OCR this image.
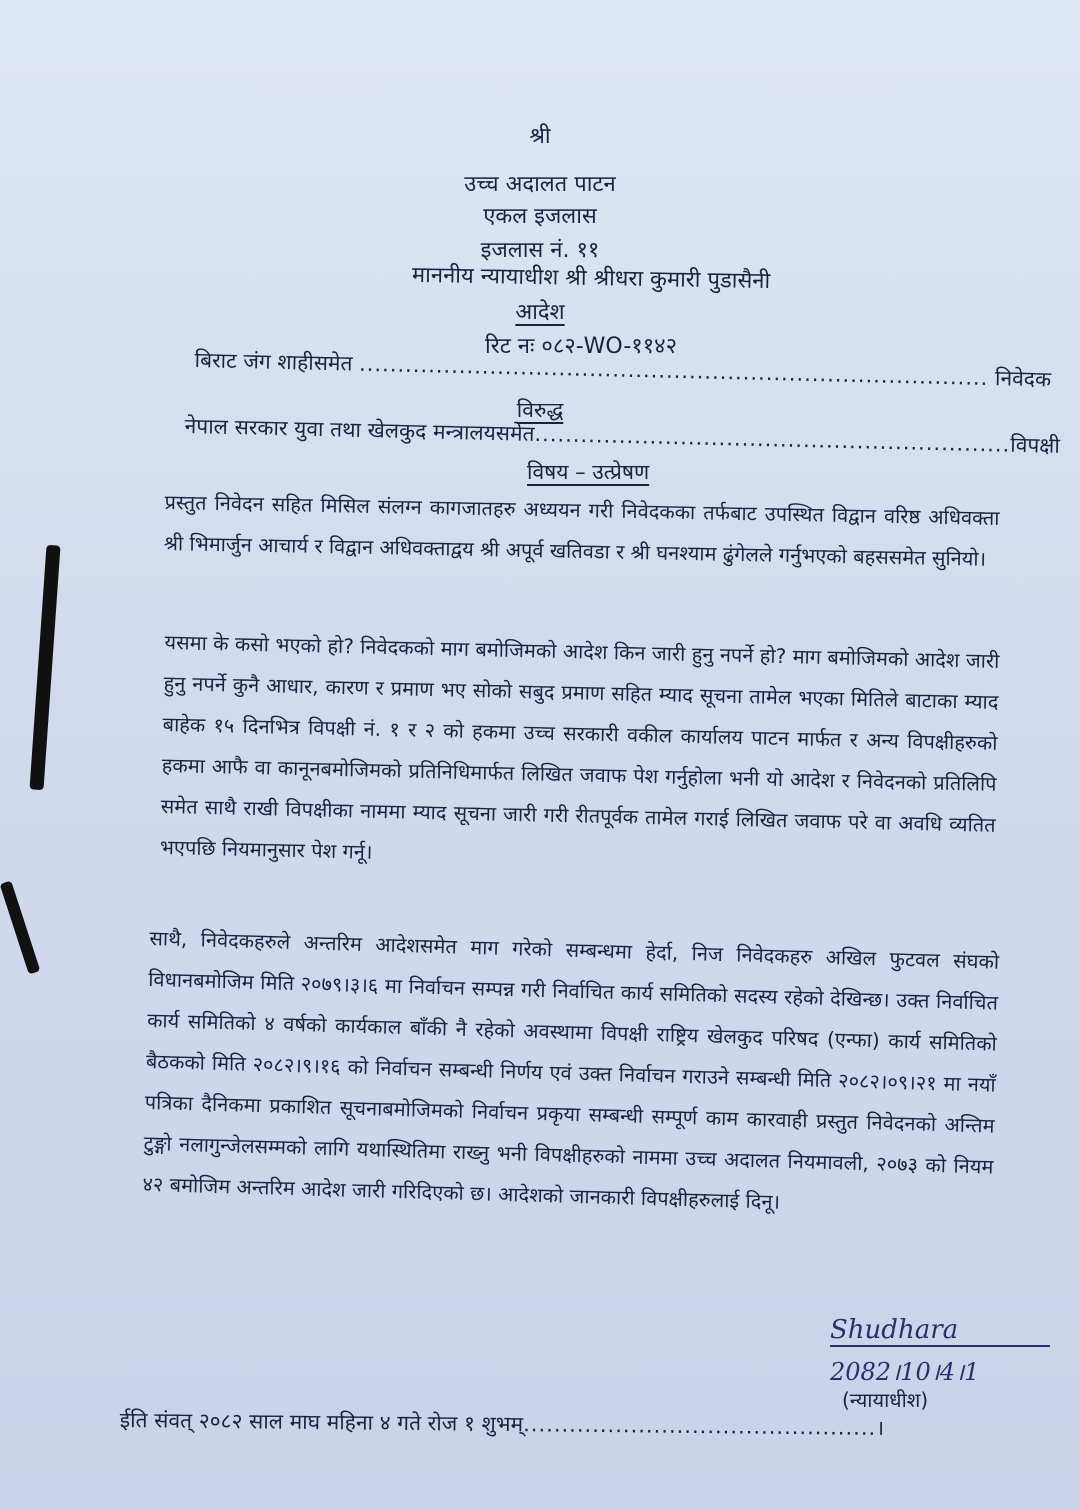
श्री
उच्च अदालत पाटन
एकल इजलास
इजलास नं. ११
माननीय न्यायाधीश श्री श्रीधरा कुमारी पुडासैनी
आदेश
रिट नः ०८२-WO-११४२
बिराट जंग शाहीसमेत .................................................................................. निवेदक
विरुद्ध
नेपाल सरकार युवा तथा खेलकुद मन्त्रालयसमेत..............................................................विपक्षी
विषय – उत्प्रेषण
प्रस्तुत निवेदन सहित मिसिल संलग्न कागजातहरु अध्ययन गरी निवेदकका तर्फबाट उपस्थित विद्वान वरिष्ठ अधिवक्ता श्री भिमार्जुन आचार्य र विद्वान अधिवक्ताद्वय श्री अपूर्व खतिवडा र श्री घनश्याम ढुंगेलले गर्नुभएको बहससमेत सुनियो।
यसमा के कसो भएको हो? निवेदकको माग बमोजिमको आदेश किन जारी हुनु नपर्ने हो? माग बमोजिमको आदेश जारी हुनु नपर्ने कुनै आधार, कारण र प्रमाण भए सोको सबुद प्रमाण सहित म्याद सूचना तामेल भएका मितिले बाटाका म्याद बाहेक १५ दिनभित्र विपक्षी नं. १ र २ को हकमा उच्च सरकारी वकील कार्यालय पाटन मार्फत र अन्य विपक्षीहरुको हकमा आफै वा कानूनबमोजिमको प्रतिनिधिमार्फत लिखित जवाफ पेश गर्नुहोला भनी यो आदेश र निवेदनको प्रतिलिपि समेत साथै राखी विपक्षीका नाममा म्याद सूचना जारी गरी रीतपूर्वक तामेल गराई लिखित जवाफ परे वा अवधि व्यतित भएपछि नियमानुसार पेश गर्नू।
साथै, निवेदकहरुले अन्तरिम आदेशसमेत माग गरेको सम्बन्धमा हेर्दा, निज निवेदकहरु अखिल फुटवल संघको विधानबमोजिम मिति २०७९।३।६ मा निर्वाचन सम्पन्न गरी निर्वाचित कार्य समितिको सदस्य रहेको देखिन्छ। उक्त निर्वाचित कार्य समितिको ४ वर्षको कार्यकाल बाँकी नै रहेको अवस्थामा विपक्षी राष्ट्रिय खेलकुद परिषद (एन्फा) कार्य समितिको बैठकको मिति २०८२।९।१६ को निर्वाचन सम्बन्धी निर्णय एवं उक्त निर्वाचन गराउने सम्बन्धी मिति २०८२।०९।२१ मा नयाँ पत्रिका दैनिकमा प्रकाशित सूचनाबमोजिमको निर्वाचन प्रकृया सम्बन्धी सम्पूर्ण काम कारवाही प्रस्तुत निवेदनको अन्तिम टुङ्गो नलागुन्जेलसम्मको लागि यथास्थितिमा राख्नु भनी विपक्षीहरुको नाममा उच्च अदालत नियमावली, २०७३ को नियम ४२ बमोजिम अन्तरिम आदेश जारी गरिदिएको छ। आदेशको जानकारी विपक्षीहरुलाई दिनू।
Shudhara
2082।10।4।1
(न्यायाधीश)
ईति संवत् २०८२ साल माघ महिना ४ गते रोज १ शुभम्..............................................।
